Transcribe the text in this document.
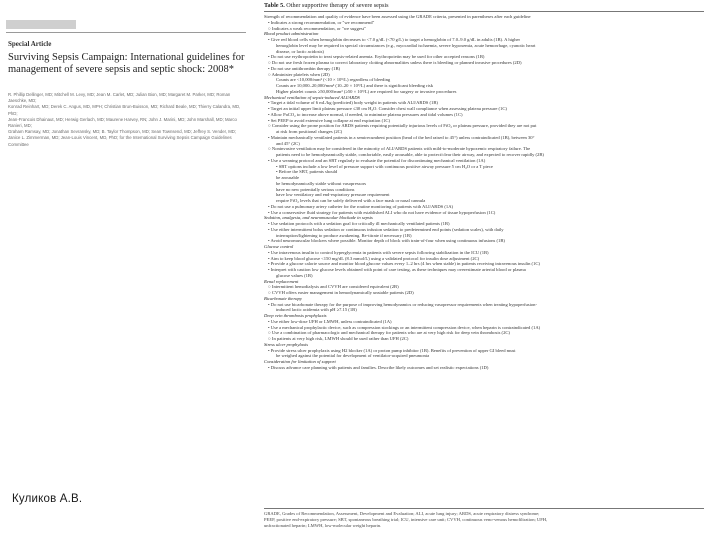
Special Article
Surviving Sepsis Campaign: International guidelines for
management of severe sepsis and septic shock: 2008*
R. Phillip Dellinger, MD; Mitchell M. Levy, MD; Jean M. Carlet, MD; Julian Bion, MD; Margaret M. Parker, MD; Roman Jaeschke, MD;
Konrad Reinhart, MD; Derek C. Angus, MD, MPH; Christian Brun-Buisson, MD; Richard Beale, MD; Thierry Calandra, MD, PhD;
Jean-Francois Dhainaut, MD; Herwig Gerlach, MD; Maurene Harvey, RN; John J. Marini, MD; John Marshall, MD; Marco Ranieri, MD;
Graham Ramsay, MD; Jonathan Sevransky, MD; B. Taylor Thompson, MD; Sean Townsend, MD; Jeffrey S. Vender, MD;
Janice L. Zimmerman, MD; Jean-Louis Vincent, MD, PhD; for the International Surviving Sepsis Campaign Guidelines Committee
Куликов А.В.
Table 5. Other supportive therapy of severe sepsis
Strength of recommendation and quality of evidence have been assessed using the GRADE criteria, presented in parentheses after each guideline
• Indicates a strong recommendation, or "we recommend"
○ Indicates a weak recommendation, or "we suggest"
Blood product administration
• Give red blood cells when hemoglobin decreases to <7.0 g/dL (<70 g/L) to target a hemoglobin of 7.0–9.0 g/dL in adults (1B). A higher
hemoglobin level may be required in special circumstances (e.g., myocardial ischaemia, severe hypoxemia, acute hemorrhage, cyanotic heart
disease, or lactic acidosis)
• Do not use erythropoietin to treat sepsis-related anemia. Erythropoietin may be used for other accepted reasons (1B)
○ Do not use fresh frozen plasma to correct laboratory clotting abnormalities unless there is bleeding or planned invasive procedures (2D)
• Do not use antithrombin therapy (1B)
○ Administer platelets when (2D)
Counts are <10,000/mm³ (<10 × 10⁹/L) regardless of bleeding
Counts are 10,000–20,000/mm³ (10–20 × 10⁹/L) and there is significant bleeding risk
Higher platelet counts ≥50,000/mm³ (≥50 × 10⁹/L) are required for surgery or invasive procedures
Mechanical ventilation of sepsis-induced ALI/ARDS
• Target a tidal volume of 6 mL/kg (predicted) body weight in patients with ALI/ARDS (1B)
• Target an initial upper limit plateau pressure ≤30 cm H₂O. Consider chest wall compliance when assessing plateau pressure (1C)
• Allow PaCO₂ to increase above normal, if needed, to minimize plateau pressures and tidal volumes (1C)
• Set PEEP to avoid extensive lung collapse at end expiration (1C)
○ Consider using the prone position for ARDS patients requiring potentially injurious levels of FiO₂ or plateau pressure, provided they are not put
at risk from positional changes (2C)
• Maintain mechanically ventilated patients in a semirecumbent position (head of the bed raised to 45°) unless contraindicated (1B), between 30°
and 45° (2C)
○ Noninvasive ventilation may be considered in the minority of ALI/ARDS patients with mild-to-moderate hypoxemic respiratory failure. The
patients need to be hemodynamically stable, comfortable, easily arousable, able to protect/clear their airway, and expected to recover rapidly (2B)
• Use a weaning protocol and an SBT regularly to evaluate the potential for discontinuing mechanical ventilation (1A)
• SBT options include a low level of pressure support with continuous positive airway pressure 5 cm H₂O or a T piece
• Before the SBT, patients should
be arousable
be hemodynamically stable without vasopressors
have no new potentially serious conditions
have low ventilatory and end-expiratory pressure requirement
require FiO₂ levels that can be safely delivered with a face mask or nasal cannula
• Do not use a pulmonary artery catheter for the routine monitoring of patients with ALI/ARDS (1A)
• Use a conservative fluid strategy for patients with established ALI who do not have evidence of tissue hypoperfusion (1C)
Sedation, analgesia, and neuromuscular blockade in sepsis
• Use sedation protocols with a sedation goal for critically ill mechanically ventilated patients (1B)
• Use either intermittent bolus sedation or continuous infusion sedation to predetermined end points (sedation scales), with daily
interruption/lightening to produce awakening. Re-titrate if necessary (1B)
• Avoid neuromuscular blockers where possible. Monitor depth of block with train-of-four when using continuous infusions (1B)
Glucose control
• Use intravenous insulin to control hyperglycemia in patients with severe sepsis following stabilization in the ICU (1B)
• Aim to keep blood glucose <150 mg/dL (8.3 mmol/L) using a validated protocol for insulin dose adjustment (2C)
• Provide a glucose calorie source and monitor blood glucose values every 1–2 hrs (4 hrs when stable) in patients receiving intravenous insulin (1C)
• Interpret with caution low glucose levels obtained with point of care testing, as these techniques may overestimate arterial blood or plasma
glucose values (1B)
Renal replacement
○ Intermittent hemodialysis and CVVH are considered equivalent (2B)
○ CVVH offers easier management in hemodynamically unstable patients (2D)
Bicarbonate therapy
• Do not use bicarbonate therapy for the purpose of improving hemodynamics or reducing vasopressor requirements when treating hypoperfusion-
induced lactic acidemia with pH ≥7.15 (1B)
Deep vein thrombosis prophylaxis
• Use either low-dose UFH or LMWH, unless contraindicated (1A)
• Use a mechanical prophylactic device, such as compression stockings or an intermittent compression device, when heparin is contraindicated (1A)
○ Use a combination of pharmacologic and mechanical therapy for patients who are at very high risk for deep vein thrombosis (2C)
○ In patients at very high risk, LMWH should be used rather than UFH (2C)
Stress ulcer prophylaxis
• Provide stress ulcer prophylaxis using H2 blocker (1A) or proton pump inhibitor (1B). Benefits of prevention of upper GI bleed must
be weighed against the potential for development of ventilator-acquired pneumonia
Consideration for limitation of support
• Discuss advance care planning with patients and families. Describe likely outcomes and set realistic expectations (1D)
GRADE, Grades of Recommendation, Assessment, Development and Evaluation; ALI, acute lung injury; ARDS, acute respiratory distress syndrome;
PEEP, positive end-expiratory pressure; SBT, spontaneous breathing trial; ICU, intensive care unit; CVVH, continuous veno-venous hemofiltration; UFH,
unfractionated heparin; LMWH, low-molecular weight heparin.
